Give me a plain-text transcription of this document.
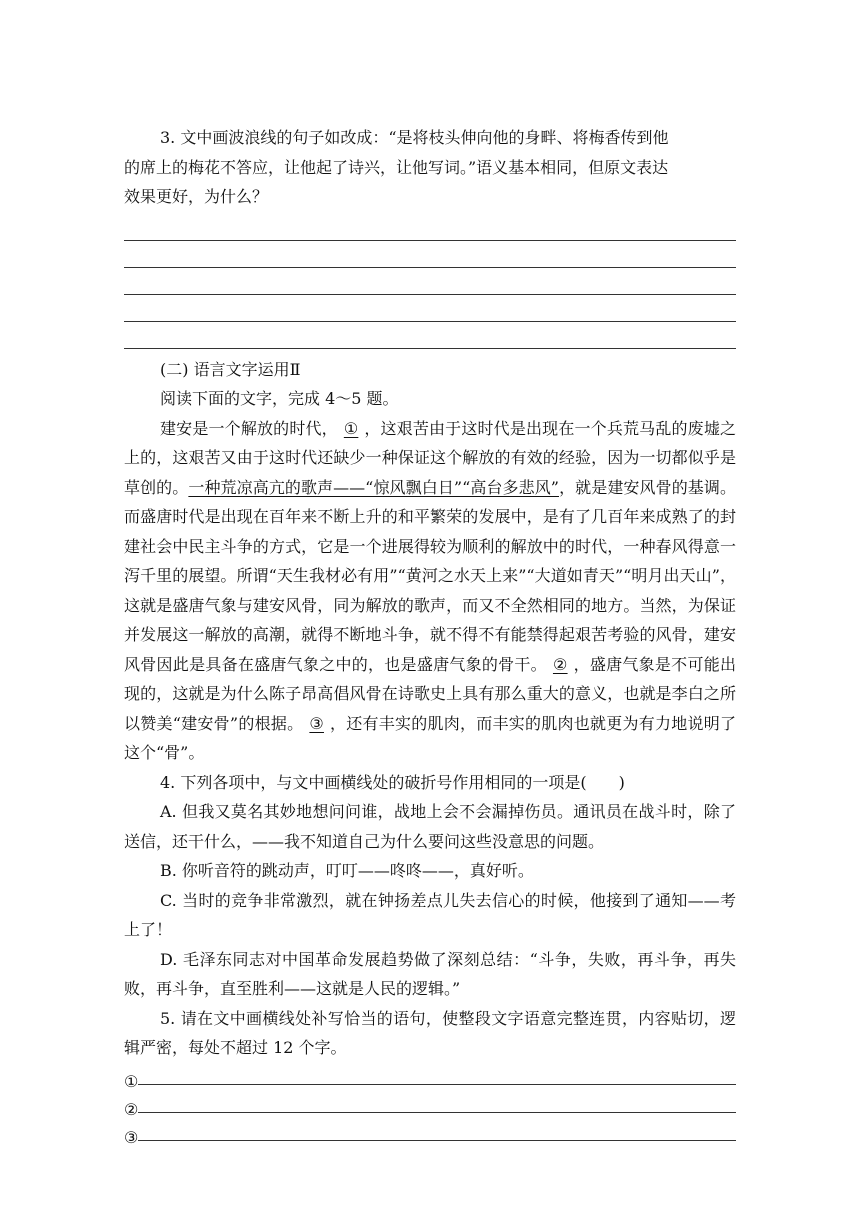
3. 文中画波浪线的句子如改成：“是将枝头伸向他的身畔、将梅香传到他

的席上的梅花不答应，让他起了诗兴，让他写词。”语义基本相同，但原文表达

效果更好，为什么？

(二) 语言文字运用Ⅱ

阅读下面的文字，完成 4～5 题。

建安是一个解放的时代， ① ，这艰苦由于这时代是出现在一个兵荒马乱的废墟之上的，这艰苦又由于这时代还缺少一种保证这个解放的有效的经验，因为一切都似乎是草创的。一种荒凉高亢的歌声——“惊风飘白日”“高台多悲风”，就是建安风骨的基调。而盛唐时代是出现在百年来不断上升的和平繁荣的发展中，是有了几百年来成熟了的封建社会中民主斗争的方式，它是一个进展得较为顺利的解放中的时代，一种春风得意一泻千里的展望。所谓“天生我材必有用”“黄河之水天上来”“大道如青天”“明月出天山”，这就是盛唐气象与建安风骨，同为解放的歌声，而又不全然相同的地方。当然，为保证并发展这一解放的高潮，就得不断地斗争，就不得不有能禁得起艰苦考验的风骨，建安风骨因此是具备在盛唐气象之中的，也是盛唐气象的骨干。 ② ，盛唐气象是不可能出现的，这就是为什么陈子昂高倡风骨在诗歌史上具有那么重大的意义，也就是李白之所以赞美“建安骨”的根据。 ③ ，还有丰实的肌肉，而丰实的肌肉也就更为有力地说明了这个“骨”。

4. 下列各项中，与文中画横线处的破折号作用相同的一项是(　　)

A. 但我又莫名其妙地想问问谁，战地上会不会漏掉伤员。通讯员在战斗时，除了送信，还干什么，——我不知道自己为什么要问这些没意思的问题。

B. 你听音符的跳动声，叮叮——咚咚——，真好听。

C. 当时的竞争非常激烈，就在钟扬差点儿失去信心的时候，他接到了通知——考上了！

D. 毛泽东同志对中国革命发展趋势做了深刻总结：“斗争，失败，再斗争，再失败，再斗争，直至胜利——这就是人民的逻辑。”

5. 请在文中画横线处补写恰当的语句，使整段文字语意完整连贯，内容贴切，逻辑严密，每处不超过 12 个字。

①
②
③
